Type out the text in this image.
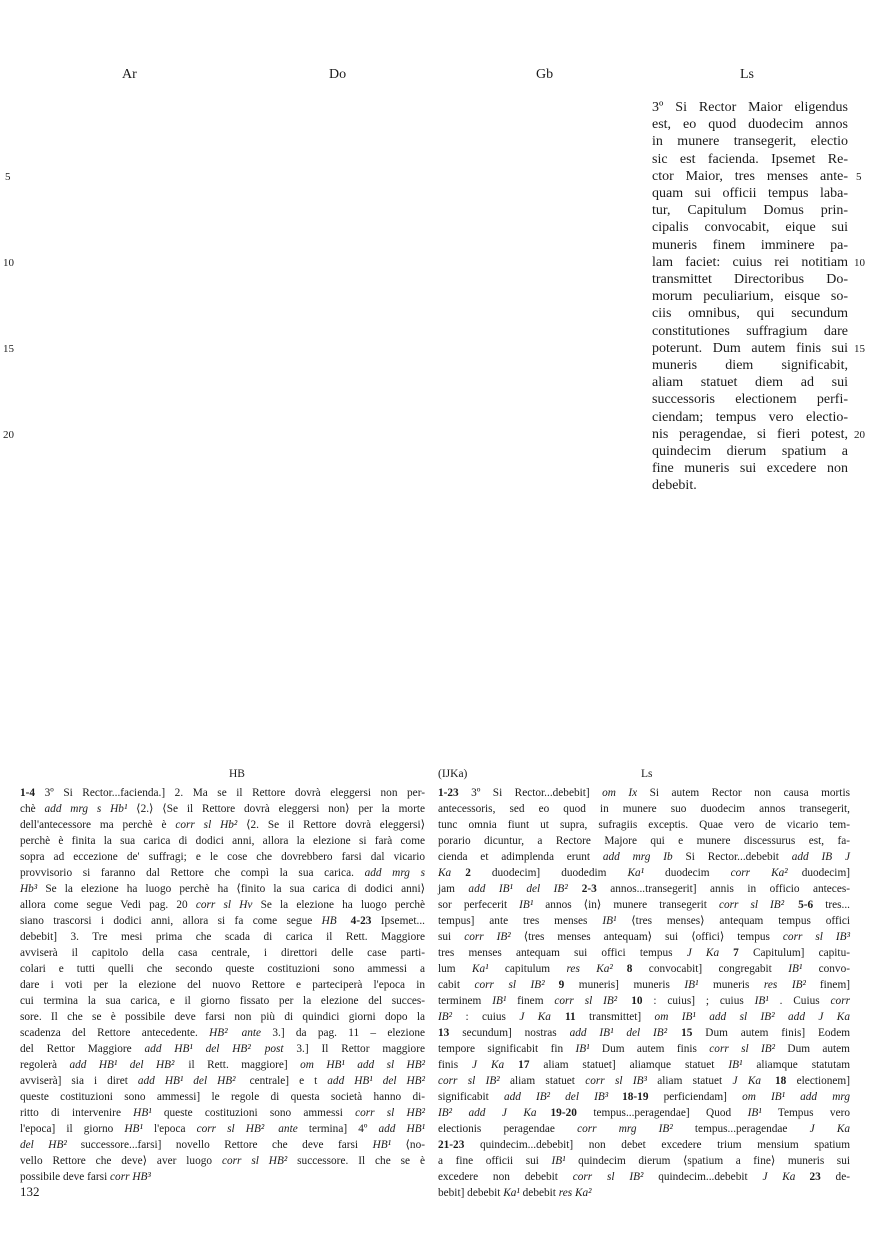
Ar	Do	Gb	Ls
3º Si Rector Maior eligendus
est, eo quod duodecim annos
in munere transegerit, electio
sic est facienda. Ipsemet Re-
ctor Maior, tres menses ante-
quam sui officii tempus laba-
tur, Capitulum Domus prin-
cipalis convocabit, eique sui
muneris finem imminere pa-
lam faciet: cuius rei notitiam
transmittet Directoribus Do-
morum peculiarium, eisque so-
ciis omnibus, qui secundum
constitutiones suffragium dare
poterunt. Dum autem finis sui
muneris diem significabit,
aliam statuet diem ad sui
successoris electionem perfi-
ciendam; tempus vero electio-
nis peragendae, si fieri potest,
quindecim dierum spatium a
fine muneris sui excedere non
debebit.
5
10
15
20
5
10
15
20
HB	(IJKa)	Ls
1-4 3º Si Rector...facienda.] 2. Ma se il Rettore dovrà eleggersi non per-
chè add mrg s Hb¹ ⟨2.⟩ ⟨Se il Rettore dovrà eleggersi non⟩ per la morte
dell'antecessore ma perchè è corr sl Hb² ⟨2. Se il Rettore dovrà eleggersi⟩
perchè è finita la sua carica di dodici anni, allora la elezione si farà come
sopra ad eccezione de' suffragi; e le cose che dovrebbero farsi dal vicario
provvisorio si faranno dal Rettore che compì la sua carica. add mrg s
Hb³ Se la elezione ha luogo perchè ha ⟨finito la sua carica di dodici anni⟩
allora come segue Vedi pag. 20 corr sl Hv Se la elezione ha luogo perchè
siano trascorsi i dodici anni, allora si fa come segue HB 4-23 Ipsemet...
debebit] 3. Tre mesi prima che scada di carica il Rett. Maggiore
avviserà il capitolo della casa centrale, i direttori delle case parti-
colari e tutti quelli che secondo queste costituzioni sono ammessi a
dare i voti per la elezione del nuovo Rettore e parteciperà l'epoca in
cui termina la sua carica, e il giorno fissato per la elezione del succes-
sore. Il che se è possibile deve farsi non più di quindici giorni dopo la
scadenza del Rettore antecedente. HB² ante 3.] da pag. 11 – elezione
del Rettor Maggiore add HB¹ del HB² post 3.] Il Rettor maggiore
regolerà add HB¹ del HB² il Rett. maggiore] om HB¹ add sl HB²
avviserà] sia i diret add HB¹ del HB² centrale] e t add HB¹ del HB²
queste costituzioni sono ammessi] le regole di questa società hanno di-
ritto di intervenire HB¹ queste costituzioni sono ammessi corr sl HB²
l'epoca] il giorno HB¹ l'epoca corr sl HB² ante termina] 4º add HB¹
del HB² successore...farsi] novello Rettore che deve farsi HB¹ ⟨no-
vello Rettore che deve⟩ aver luogo corr sl HB² successore. Il che se è
possibile deve farsi corr HB³
1-23 3º Si Rector...debebit] om Ix Si autem Rector non causa mortis
antecessoris, sed eo quod in munere suo duodecim annos transegerit,
tunc omnia fiunt ut supra, sufragiis exceptis. Quae vero de vicario tem-
porario dicuntur, a Rectore Majore qui e munere discessurus est, fa-
cienda et adimplenda erunt add mrg Ib Si Rector...debebit add IB J
Ka 2 duodecim] duodedim Ka¹ duodecim corr Ka² duodecim]
jam add IB¹ del IB² 2-3 annos...transegerit] annis in officio anteces-
sor perfecerit IB¹ annos ⟨in⟩ munere transegerit corr sl IB² 5-6 tres...
tempus] ante tres menses IB¹ ⟨tres menses⟩ antequam tempus offici
sui corr IB² ⟨tres menses antequam⟩ sui ⟨offici⟩ tempus corr sl IB³
tres menses antequam sui offici tempus J Ka 7 Capitulum] capitu-
lum Ka¹ capitulum res Ka² 8 convocabit] congregabit IB¹ convo-
cabit corr sl IB² 9 muneris] muneris IB¹ muneris res IB² finem]
terminem IB¹ finem corr sl IB² 10 : cuius] ; cuius IB¹ . Cuius corr
IB² : cuius J Ka 11 transmittet] om IB¹ add sl IB² add J Ka
13 secundum] nostras add IB¹ del IB² 15 Dum autem finis] Eodem
tempore significabit fin IB¹ Dum autem finis corr sl IB² Dum autem
finis J Ka 17 aliam statuet] aliamque statuet IB¹ aliamque statutam
corr sl IB² aliam statuet corr sl IB³ aliam statuet J Ka 18 electionem]
significabit add IB² del IB³ 18-19 perficiendam] om IB¹ add mrg
IB² add J Ka 19-20 tempus...peragendae] Quod IB¹ Tempus vero
electionis peragendae corr mrg IB² tempus...peragendae J Ka
21-23 quindecim...debebit] non debet excedere trium mensium spatium
a fine officii sui IB¹ quindecim dierum ⟨spatium a fine⟩ muneris sui
excedere non debebit corr sl IB² quindecim...debebit J Ka 23 de-
bebit] debebit Ka¹ debebit res Ka²
132
